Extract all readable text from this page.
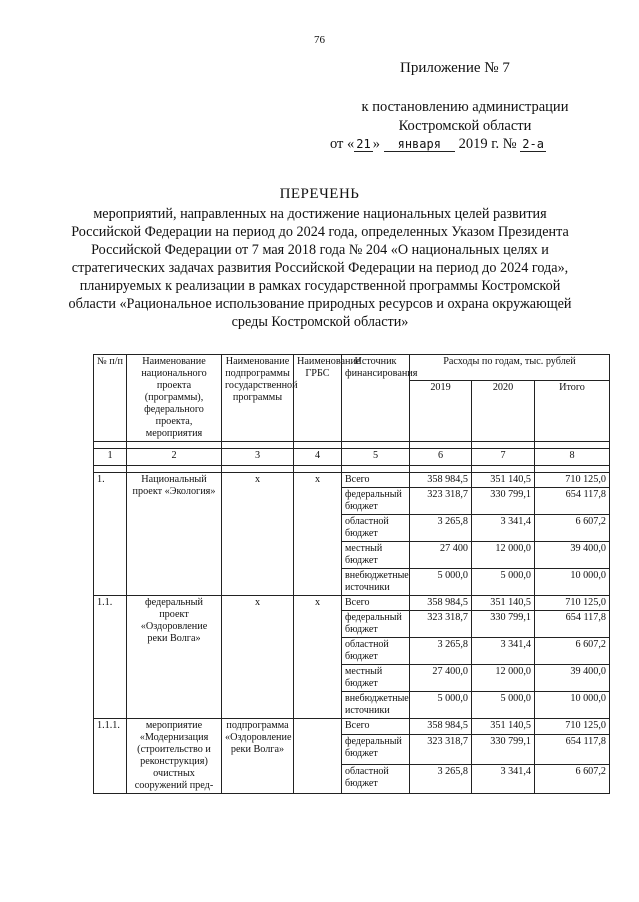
76
Приложение № 7
к постановлению администрации
Костромской области
от « 21 » января 2019 г. № 2-а
ПЕРЕЧЕНЬ
мероприятий, направленных на достижение национальных целей развития Российской Федерации на период до 2024 года, определенных Указом Президента Российской Федерации от 7 мая 2018 года № 204 «О национальных целях и стратегических задачах развития Российской Федерации на период до 2024 года», планируемых к реализации в рамках государственной программы Костромской области «Рациональное использование природных ресурсов и охрана окружающей среды Костромской области»
№ п/п	Наименование национального проекта (программы), федерального проекта, мероприятия	Наименование подпрограммы государственной программы	Наименование ГРБС	Источник финансирования	Расходы по годам, тыс. рублей		
					2019	2020	Итого

1	2	3	4	5	6	7	8

1.	Национальный проект «Экология»	х	х	Всего	358 984,5	351 140,5	710 125,0
				федеральный бюджет	323 318,7	330 799,1	654 117,8
				областной бюджет	3 265,8	3 341,4	6 607,2
				местный бюджет	27 400	12 000,0	39 400,0
				внебюджетные источники	5 000,0	5 000,0	10 000,0
1.1.	федеральный проект «Оздоровление реки Волга»	х	х	Всего	358 984,5	351 140,5	710 125,0
				федеральный бюджет	323 318,7	330 799,1	654 117,8
				областной бюджет	3 265,8	3 341,4	6 607,2
				местный бюджет	27 400,0	12 000,0	39 400,0
				внебюджетные источники	5 000,0	5 000,0	10 000,0
1.1.1.	мероприятие «Модернизация (строительство и реконструкция) очистных сооружений пред-	подпрограмма «Оздоровление реки Волга»		Всего	358 984,5	351 140,5	710 125,0
				федеральный бюджет	323 318,7	330 799,1	654 117,8
				областной бюджет	3 265,8	3 341,4	6 607,2
